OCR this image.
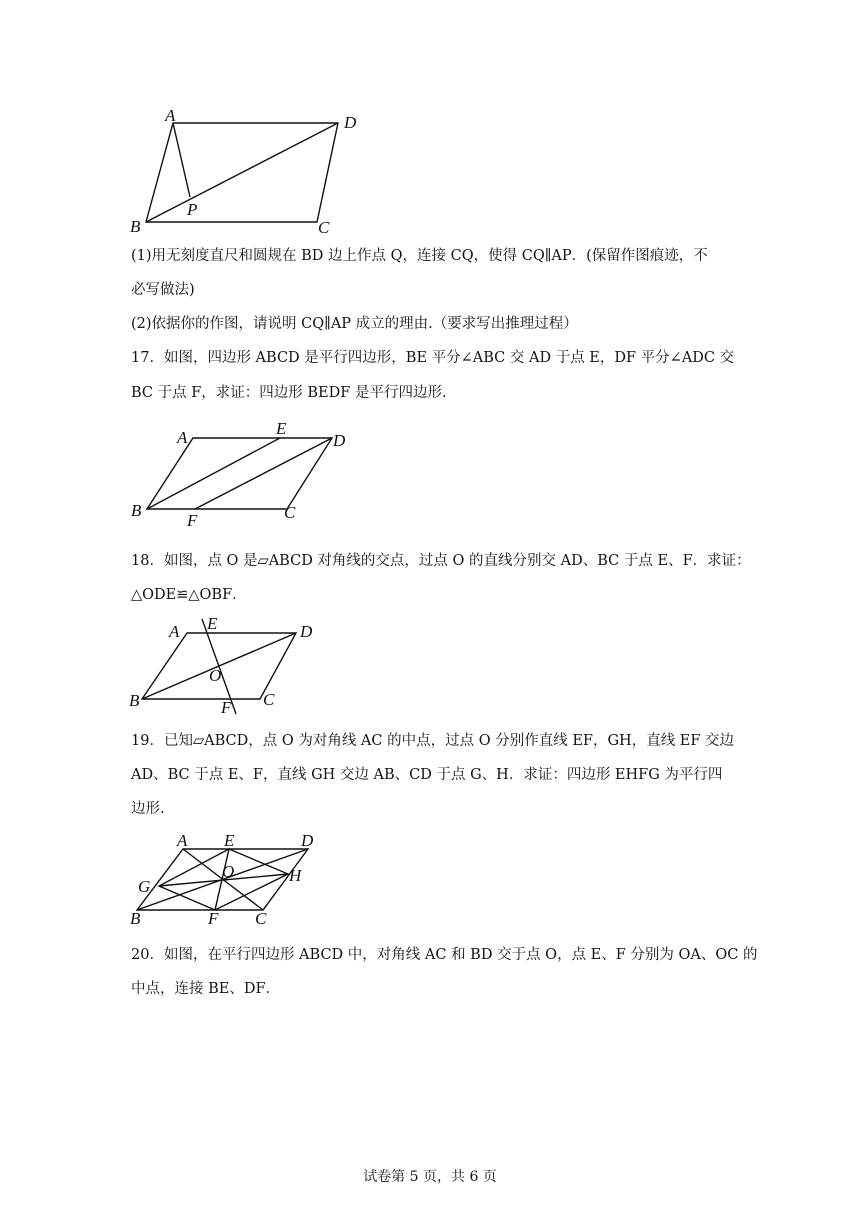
A	D
B	C
P
(1)用无刻度直尺和圆规在 BD 边上作点 Q，连接 CQ，使得 CQ∥AP．(保留作图痕迹，不
必写做法)
(2)依据你的作图，请说明 CQ∥AP 成立的理由.（要求写出推理过程）
17．如图，四边形 ABCD 是平行四边形，BE 平分∠ABC 交 AD 于点 E，DF 平分∠ADC 交
BC 于点 F，求证：四边形 BEDF 是平行四边形.
A	E
D
B
F	C
18．如图，点 O 是▱ABCD 对角线的交点，过点 O 的直线分别交 AD、BC 于点 E、F．求证：
△ODE≌△OBF．
A E	D
O
B	C
F
19．已知▱ABCD，点 O 为对角线 AC 的中点，过点 O 分别作直线 EF，GH，直线 EF 交边
AD、BC 于点 E、F，直线 GH 交边 AB、CD 于点 G、H．求证：四边形 EHFG 为平行四
边形.
A E	D
G
O	H
B	F C
20．如图，在平行四边形 ABCD 中，对角线 AC 和 BD 交于点 O，点 E、F 分别为 OA、OC 的
中点，连接 BE、DF．
试卷第 5 页，共 6 页
